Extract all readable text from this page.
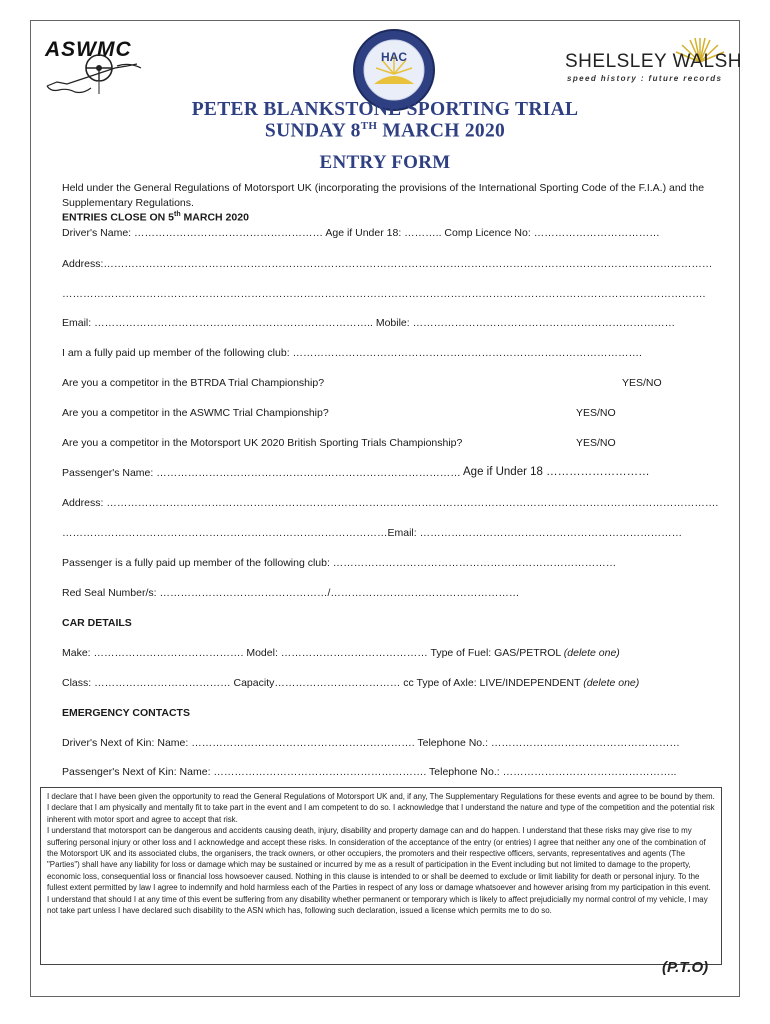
ASWMC	HAC	SHELSLEY WALSH
speed history : future records
PETER BLANKSTONE SPORTING TRIAL
SUNDAY 8TH MARCH 2020
ENTRY FORM
Held under the General Regulations of Motorsport UK (incorporating the provisions of the International Sporting Code of the F.I.A.) and the Supplementary Regulations.
ENTRIES CLOSE ON 5th MARCH 2020
Driver's Name: ……………………………………………… Age if Under 18: ……….. Comp Licence No: ………………………………
Address:…………………………………………………………………………………………………………………………………………………………
………………………………………………………………………………………………………………………………………………………………….
Email: …………………………………………………………………….. Mobile: …………………………………………………………………
I am a fully paid up member of the following club: ……………………………………………………………………………………….
Are you a competitor in the BTRDA Trial Championship?	YES/NO
Are you a competitor in the ASWMC Trial Championship?	YES/NO
Are you a competitor in the Motorsport UK 2020 British Sporting Trials Championship?	YES/NO
Passenger's Name: …………………………………………………………………………… Age if Under 18 ………………………
Address: ………………………………………………………………………………………………………………………………………………………….
…………………………………………………………………………………Email: …………………………………………………………………
Passenger is a fully paid up member of the following club: ………………………………………………………………………
Red Seal Number/s: …………………………………………/………………………………………………
CAR DETAILS
Make: ……………………………………. Model: …………………………………… Type of Fuel: GAS/PETROL (delete one)
Class: ………………………………… Capacity……………………………… cc Type of Axle: LIVE/INDEPENDENT (delete one)
EMERGENCY CONTACTS
Driver's Next of Kin: Name: ………………………………………………………. Telephone No.: ………………………………………………
Passenger's Next of Kin: Name: ……………………………………………………. Telephone No.: …………………………………………..

I declare that I have been given the opportunity to read the General Regulations of Motorsport UK and, if any, The Supplementary Regulations for these events and agree to be bound by them. I declare that I am physically and mentally fit to take part in the event and I am competent to do so. I acknowledge that I understand the nature and type of the competition and the potential risk inherent with motor sport and agree to accept that risk.

I understand that motorsport can be dangerous and accidents causing death, injury, disability and property damage can and do happen. I understand that these risks may give rise to my suffering personal injury or other loss and I acknowledge and accept these risks. In consideration of the acceptance of the entry (or entries) I agree that neither any one of the combination of the Motorsport UK and its associated clubs, the organisers, the track owners, or other occupiers, the promoters and their respective officers, servants, representatives and agents (The "Parties") shall have any liability for loss or damage which may be sustained or incurred by me as a result of participation in the Event including but not limited to damage to the property, economic loss, consequential loss or financial loss howsoever caused. Nothing in this clause is intended to or shall be deemed to exclude or limit liability for death or personal injury. To the fullest extent permitted by law I agree to indemnify and hold harmless each of the Parties in respect of any loss or damage whatsoever and however arising from my participation in this event.

I understand that should I at any time of this event be suffering from any disability whether permanent or temporary which is likely to affect prejudicially my normal control of my vehicle, I may not take part unless I have declared such disability to the ASN which has, following such declaration, issued a license which permits me to do so.

(P.T.O)
